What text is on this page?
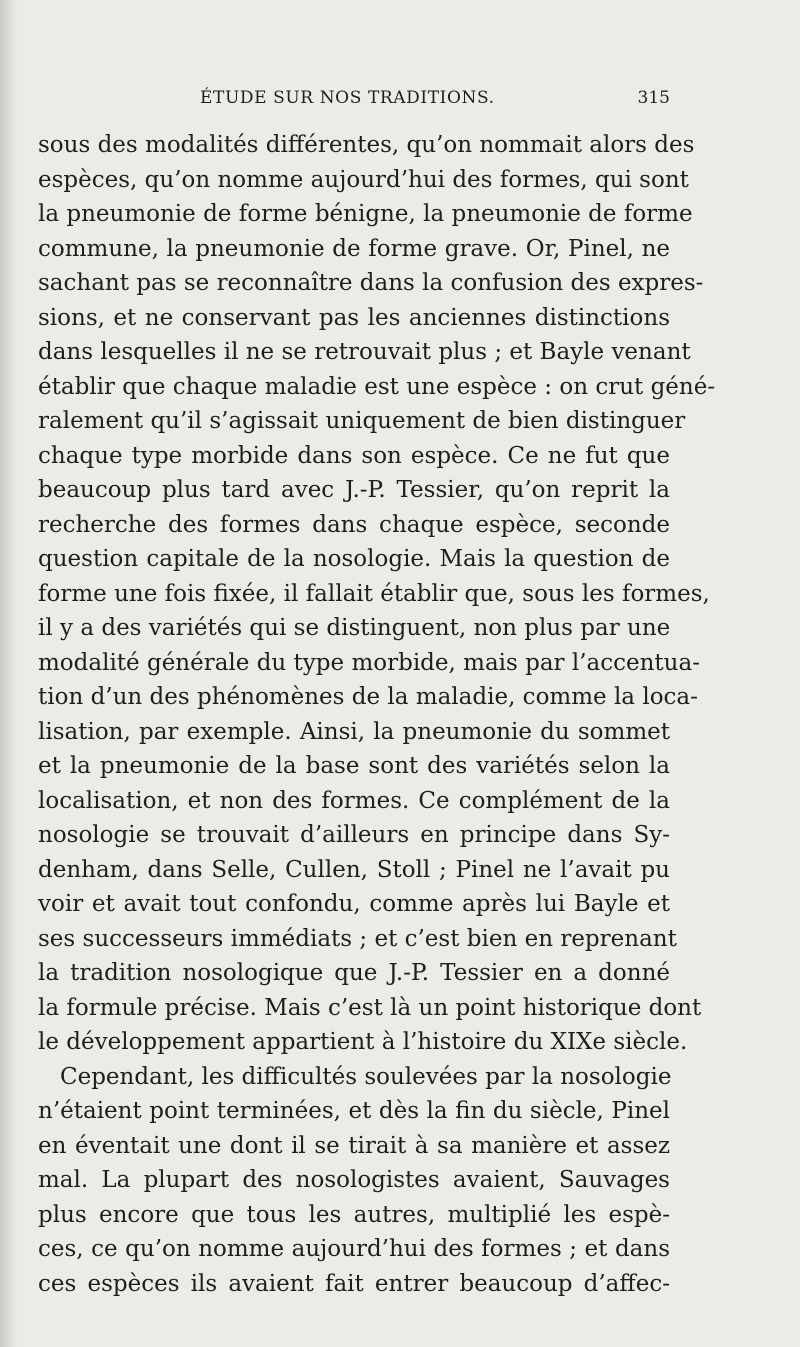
ÉTUDE SUR NOS TRADITIONS.	315
sous des modalités différentes, qu’on nommait alors des
espèces, qu’on nomme aujourd’hui des formes, qui sont
la pneumonie de forme bénigne, la pneumonie de forme
commune, la pneumonie de forme grave. Or, Pinel, ne
sachant pas se reconnaître dans la confusion des expres-
sions, et ne conservant pas les anciennes distinctions
dans lesquelles il ne se retrouvait plus ; et Bayle venant
établir que chaque maladie est une espèce : on crut géné-
ralement qu’il s’agissait uniquement de bien distinguer
chaque type morbide dans son espèce. Ce ne fut que
beaucoup plus tard avec J.-P. Tessier, qu’on reprit la
recherche des formes dans chaque espèce, seconde
question capitale de la nosologie. Mais la question de
forme une fois fixée, il fallait établir que, sous les formes,
il y a des variétés qui se distinguent, non plus par une
modalité générale du type morbide, mais par l’accentua-
tion d’un des phénomènes de la maladie, comme la loca-
lisation, par exemple. Ainsi, la pneumonie du sommet
et la pneumonie de la base sont des variétés selon la
localisation, et non des formes. Ce complément de la
nosologie se trouvait d’ailleurs en principe dans Sy-
denham, dans Selle, Cullen, Stoll ; Pinel ne l’avait pu
voir et avait tout confondu, comme après lui Bayle et
ses successeurs immédiats ; et c’est bien en reprenant
la tradition nosologique que J.-P. Tessier en a donné
la formule précise. Mais c’est là un point historique dont
le développement appartient à l’histoire du XIXe siècle.
Cependant, les difficultés soulevées par la nosologie
n’étaient point terminées, et dès la fin du siècle, Pinel
en éventait une dont il se tirait à sa manière et assez
mal. La plupart des nosologistes avaient, Sauvages
plus encore que tous les autres, multiplié les espè-
ces, ce qu’on nomme aujourd’hui des formes ; et dans
ces espèces ils avaient fait entrer beaucoup d’affec-
